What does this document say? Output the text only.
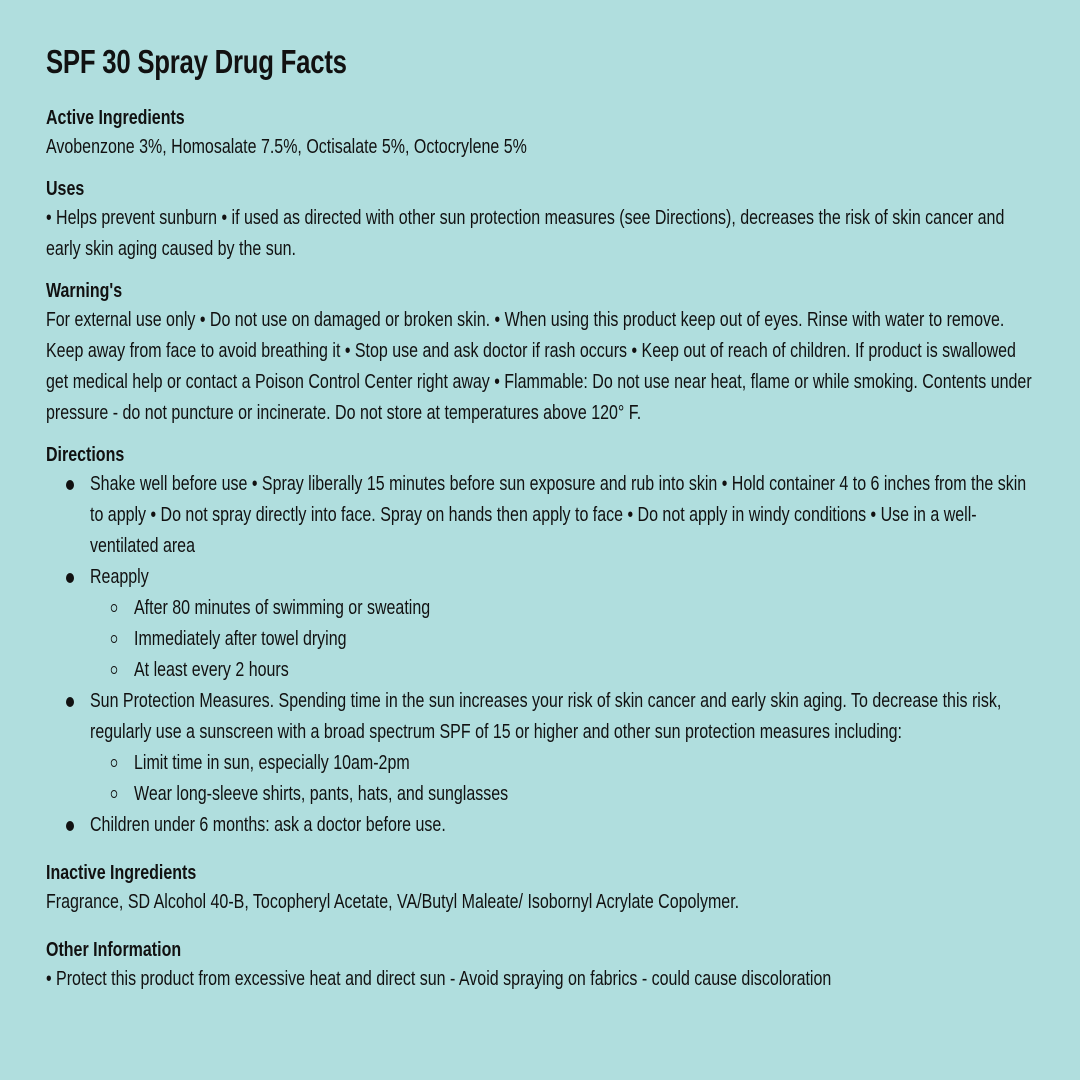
SPF 30 Spray Drug Facts
Active Ingredients
Avobenzone 3%, Homosalate 7.5%, Octisalate 5%, Octocrylene 5%
Uses
• Helps prevent sunburn • if used as directed with other sun protection measures (see Directions), decreases the risk of skin cancer and early skin aging caused by the sun.
Warning's
For external use only • Do not use on damaged or broken skin. • When using this product keep out of eyes. Rinse with water to remove. Keep away from face to avoid breathing it • Stop use and ask doctor if rash occurs • Keep out of reach of children. If product is swallowed get medical help or contact a Poison Control Center right away • Flammable: Do not use near heat, flame or while smoking. Contents under pressure - do not puncture or incinerate. Do not store at temperatures above 120° F.
Directions
Shake well before use • Spray liberally 15 minutes before sun exposure and rub into skin • Hold container 4 to 6 inches from the skin to apply • Do not spray directly into face. Spray on hands then apply to face • Do not apply in windy conditions • Use in a well-ventilated area
Reapply
After 80 minutes of swimming or sweating
Immediately after towel drying
At least every 2 hours
Sun Protection Measures. Spending time in the sun increases your risk of skin cancer and early skin aging. To decrease this risk, regularly use a sunscreen with a broad spectrum SPF of 15 or higher and other sun protection measures including:
Limit time in sun, especially 10am-2pm
Wear long-sleeve shirts, pants, hats, and sunglasses
Children under 6 months: ask a doctor before use.
Inactive Ingredients
Fragrance, SD Alcohol 40-B, Tocopheryl Acetate, VA/Butyl Maleate/ Isobornyl Acrylate Copolymer.
Other Information
• Protect this product from excessive heat and direct sun - Avoid spraying on fabrics - could cause discoloration
